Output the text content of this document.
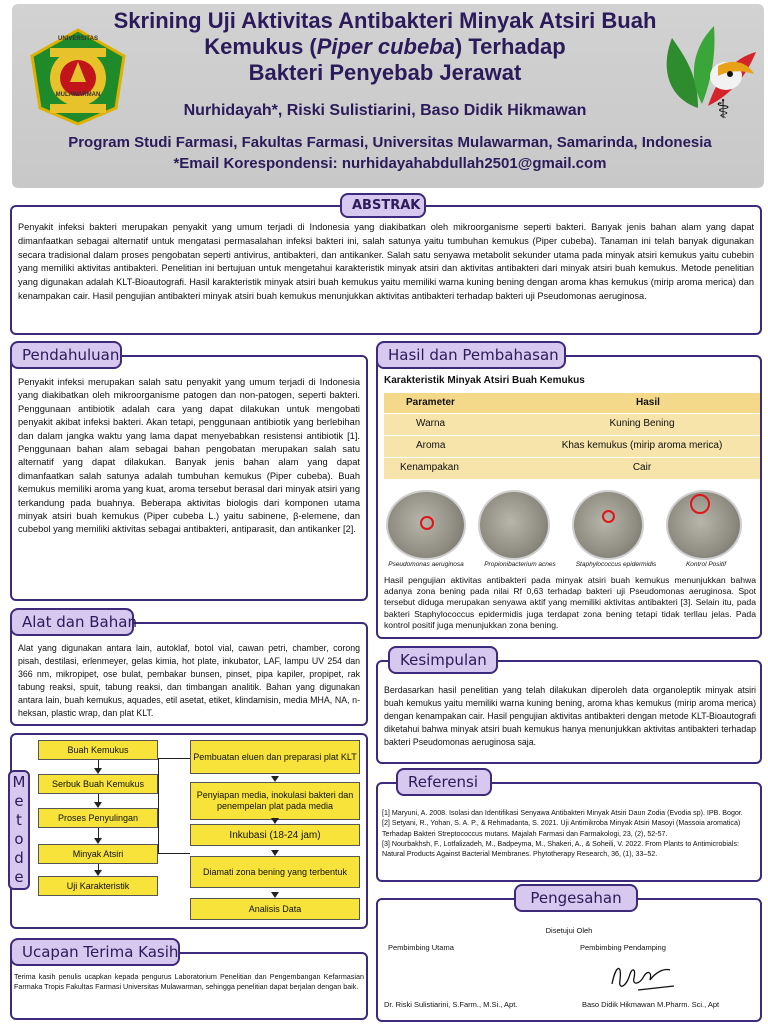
UNIVERSITAS
MULAWARMAN	⚕
Skrining Uji Aktivitas Antibakteri Minyak Atsiri Buah
Kemukus (Piper cubeba) Terhadap
Bakteri Penyebab Jerawat
Nurhidayah*, Riski Sulistiarini, Baso Didik Hikmawan
Program Studi Farmasi, Fakultas Farmasi, Universitas Mulawarman, Samarinda, Indonesia
*Email Korespondensi: nurhidayahabdullah2501@gmail.com
ABSTRAK
Penyakit infeksi bakteri merupakan penyakit yang umum terjadi di Indonesia yang diakibatkan oleh mikroorganisme seperti bakteri. Banyak jenis bahan alam yang dapat dimanfaatkan sebagai alternatif untuk mengatasi permasalahan infeksi bakteri ini, salah satunya yaitu tumbuhan kemukus (Piper cubeba). Tanaman ini telah banyak digunakan secara tradisional dalam proses pengobatan seperti antivirus, antibakteri, dan antikanker. Salah satu senyawa metabolit sekunder utama pada minyak atsiri kemukus yaitu cubebin yang memiliki aktivitas antibakteri. Penelitian ini bertujuan untuk mengetahui karakteristik minyak atsiri dan aktivitas antibakteri dari minyak atsiri buah kemukus. Metode penelitian yang digunakan adalah KLT-Bioautografi. Hasil karakteristik minyak atsiri buah kemukus yaitu memiliki warna kuning bening dengan aroma khas kemukus (mirip aroma merica) dan kenampakan cair. Hasil pengujian antibakteri minyak atsiri buah kemukus menunjukkan aktivitas antibakteri terhadap bakteri uji Pseudomonas aeruginosa.
Pendahuluan
Penyakit infeksi merupakan salah satu penyakit yang umum terjadi di Indonesia yang diakibatkan oleh mikroorganisme patogen dan non-patogen, seperti bakteri. Penggunaan antibiotik adalah cara yang dapat dilakukan untuk mengobati penyakit akibat infeksi bakteri. Akan tetapi, penggunaan antibiotik yang berlebihan dan dalam jangka waktu yang lama dapat menyebabkan resistensi antibiotik [1]. Penggunaan bahan alam sebagai bahan pengobatan merupakan salah satu alternatif yang dapat dilakukan. Banyak jenis bahan alam yang dapat dimanfaatkan salah satunya adalah tumbuhan kemukus (Piper cubeba). Buah kemukus memiliki aroma yang kuat, aroma tersebut berasal dari minyak atsiri yang terkandung pada buahnya. Beberapa aktivitas biologis dari komponen utama minyak atsiri buah kemukus (Piper cubeba L.) yaitu sabinene, β-elemene, dan cubebol yang memiliki aktivitas sebagai antibakteri, antiparasit, dan antikanker [2].
Alat dan Bahan
Alat yang digunakan antara lain, autoklaf, botol vial, cawan petri, chamber, corong pisah, destilasi, erlenmeyer, gelas kimia, hot plate, inkubator, LAF, lampu UV 254 dan 366 nm, mikropipet, ose bulat, pembakar bunsen, pinset, pipa kapiler, propipet, rak tabung reaksi, spuit, tabung reaksi, dan timbangan analitik. Bahan yang digunakan antara lain, buah kemukus, aquades, etil asetat, etiket, klindamisin, media MHA, NA, n-heksan, plastic wrap, dan plat KLT.
M
e
t
o
d
e
Buah Kemukus
Serbuk Buah Kemukus
Proses Penyulingan
Minyak Atsiri
Uji Karakteristik
Pembuatan eluen dan preparasi plat KLT
Penyiapan media, inokulasi bakteri dan penempelan plat pada media
Inkubasi (18-24 jam)
Diamati zona bening yang terbentuk
Analisis Data
Ucapan Terima Kasih
Terima kasih penulis ucapkan kepada pengurus Laboratorium Penelitian dan Pengembangan Kefarmasian Farmaka Tropis Fakultas Farmasi Universitas Mulawarman, sehingga penelitian dapat berjalan dengan baik.
Hasil dan Pembahasan
Karakteristik Minyak Atsiri Buah Kemukus
Parameter	Hasil
Warna	Kuning Bening
Aroma	Khas kemukus (mirip aroma merica)
Kenampakan	Cair
Pseudomonas aeruginosa	Propionibacterium acnes	Staphylococcus epidermidis	Kontrol Positif
Hasil pengujian aktivitas antibakteri pada minyak atsiri buah kemukus menunjukkan bahwa adanya zona bening pada nilai Rf 0,63 terhadap bakteri uji Pseudomonas aeruginosa. Spot tersebut diduga merupakan senyawa aktif yang memiliki aktivitas antibakteri [3]. Selain itu, pada bakteri Staphylococcus epidermidis juga terdapat zona bening tetapi tidak terllau jelas. Pada kontrol positif juga menunjukkan zona bening.
Kesimpulan
Berdasarkan hasil penelitian yang telah dilakukan diperoleh data organoleptik minyak atsiri buah kemukus yaitu memiliki warna kuning bening, aroma khas kemukus (mirip aroma merica) dengan kenampakan cair. Hasil pengujian aktivitas antibakteri dengan metode KLT-Bioautografi diketahui bahwa minyak atsiri buah kemukus hanya menunjukkan aktivitas antibakteri terhadap bakteri Pseudomonas aeruginosa saja.
Referensi
[1] Maryuni, A. 2008. Isolasi dan Identifikasi Senyawa Antibakteri Minyak Atsiri Daun Zodia (Evodia sp). IPB. Bogor.
[2] Setyani, R., Yohan, S. A. P., & Rehmadanta, S. 2021. Uji Antimikroba Minyak Atsiri Masoyi (Massoia aromatica) Terhadap Bakteri Streptococcus mutans. Majalah Farmasi dan Farmakologi, 23, (2), 52-57.
[3] Nourbakhsh, F., Lotfalizadeh, M., Badpeyma, M., Shakeri, A., & Soheili, V. 2022. From Plants to Antimicrobials: Natural Products Against Bacterial Membranes. Phytotherapy Research, 36, (1), 33–52.
Pengesahan
Disetujui Oleh
Pembimbing Utama	Pembimbing Pendamping
Dr. Riski Sulistiarini, S.Farm., M.Si., Apt.	Baso Didik Hikmawan M.Pharm. Sci., Apt
